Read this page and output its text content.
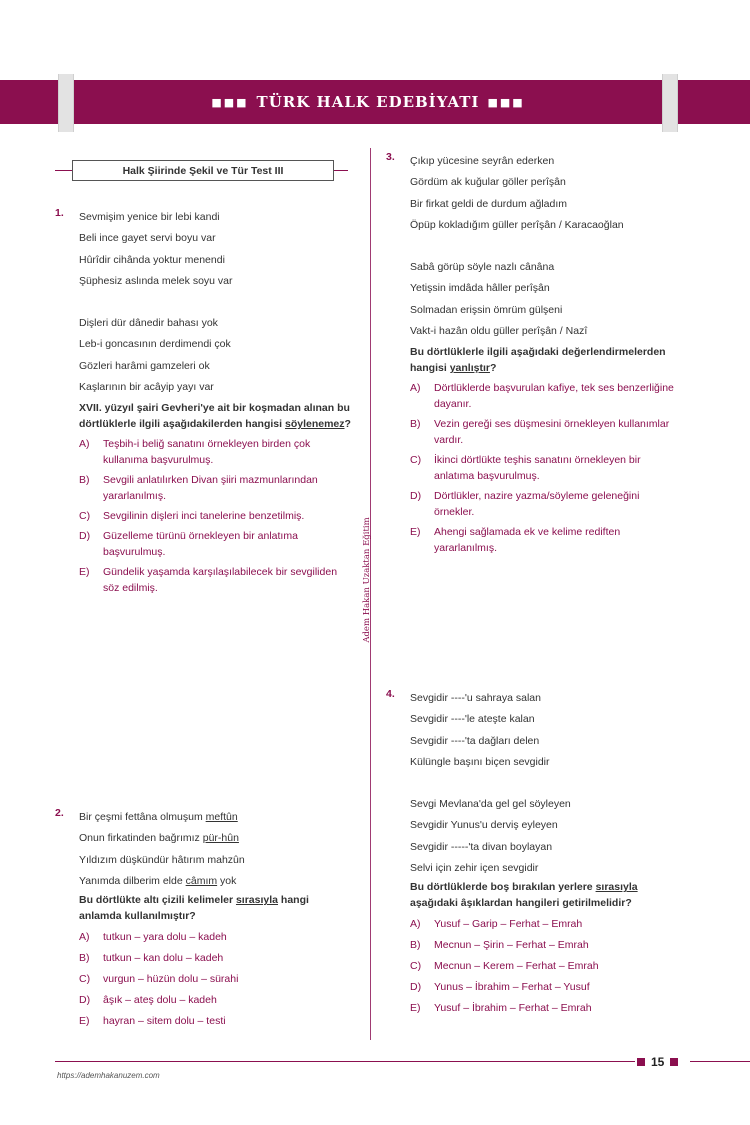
■■■ TÜRK HALK EDEBİYATI ■■■
Halk Şiirinde Şekil ve Tür Test III
Adem Hakan Uzaktan Eğitim
1. Sevmişim yenice bir lebi kandi
Beli ince gayet servi boyu var
Hûrîdir cihânda yoktur menendi
Şüphesiz aslında melek soyu var
Dişleri dür dânedir bahası yok
Leb-i goncasının derdimendi çok
Gözleri harâmi gamzeleri ok
Kaşlarının bir acâyip yayı var
XVII. yüzyıl şairi Gevheri'ye ait bir koşmadan alınan bu dörtlüklerle ilgili aşağıdakilerden hangisi söylenemez?
A) Teşbih-i beliğ sanatını örnekleyen birden çok kullanıma başvurulmuş.
B) Sevgili anlatılırken Divan şiiri mazmunlarından yararlanılmış.
C) Sevgilinin dişleri inci tanelerine benzetilmiş.
D) Güzelleme türünü örnekleyen bir anlatıma başvurulmuş.
E) Gündelik yaşamda karşılaşılabilecek bir sevgiliden söz edilmiş.
2. Bir çeşmi fettâna olmuşum meftûn
Onun firkatinden bağrımız pür-hûn
Yıldızım düşkündür hâtırım mahzûn
Yanımda dilberim elde câmım yok
Bu dörtlükte altı çizili kelimeler sırasıyla hangi anlamda kullanılmıştır?
A) tutkun – yara dolu – kadeh
B) tutkun – kan dolu – kadeh
C) vurgun – hüzün dolu – sürahi
D) âşık – ateş dolu – kadeh
E) hayran – sitem dolu – testi
3. Çıkıp yücesine seyrân ederken
Gördüm ak kuğular göller perîşân
Bir firkat geldi de durdum ağladım
Öpüp kokladığım güller perîşân / Karacaoğlan
Sabâ görüp söyle nazlı cânâna
Yetişsin imdâda hâller perîşân
Solmadan erişsin ömrüm gülşeni
Vakt-i hazân oldu güller perîşân / Nazî
Bu dörtlüklerle ilgili aşağıdaki değerlendirmelerden hangisi yanlıştır?
A) Dörtlüklerde başvurulan kafiye, tek ses benzerliğine dayanır.
B) Vezin gereği ses düşmesini örnekleyen kullanımlar vardır.
C) İkinci dörtlükte teşhis sanatını örnekleyen bir anlatıma başvurulmuş.
D) Dörtlükler, nazire yazma/söyleme geleneğini örnekler.
E) Ahengi sağlamada ek ve kelime rediften yararlanılmış.
4. Sevgidir ----'u sahraya salan
Sevgidir ----'le ateşte kalan
Sevgidir ----'ta dağları delen
Külüngle başını biçen sevgidir
Sevgi Mevlana'da gel gel söyleyen
Sevgidir Yunus'u derviş eyleyen
Sevgidir -----'ta divan boylayan
Selvi için zehir içen sevgidir
Bu dörtlüklerde boş bırakılan yerlere sırasıyla aşağıdaki âşıklardan hangileri getirilmelidir?
A) Yusuf – Garip – Ferhat – Emrah
B) Mecnun – Şirin – Ferhat – Emrah
C) Mecnun – Kerem – Ferhat – Emrah
D) Yunus – İbrahim – Ferhat – Yusuf
E) Yusuf – İbrahim – Ferhat – Emrah
https://ademhakanuzem.com
15
